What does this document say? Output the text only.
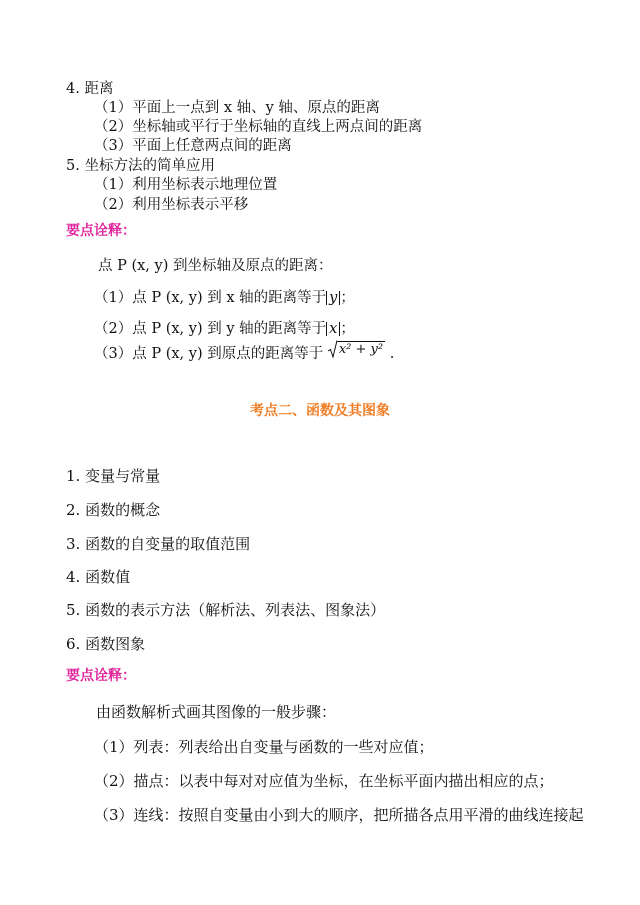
4. 距离
（1）平面上一点到 x 轴、y 轴、原点的距离
（2）坐标轴或平行于坐标轴的直线上两点间的距离
（3）平面上任意两点间的距离
5. 坐标方法的简单应用
（1）利用坐标表示地理位置
（2）利用坐标表示平移
要点诠释：
点 P (x, y) 到坐标轴及原点的距离：
（1）点 P (x, y) 到 x 轴的距离等于 y ；
（2）点 P (x, y) 到 y 轴的距离等于 x ；
（3）点 P (x, y) 到原点的距离等于 x² + y² .
考点二、函数及其图象
1. 变量与常量
2. 函数的概念
3. 函数的自变量的取值范围
4. 函数值
5. 函数的表示方法（解析法、列表法、图象法）
6. 函数图象
要点诠释：
由函数解析式画其图像的一般步骤：
（1）列表：列表给出自变量与函数的一些对应值；
（2）描点：以表中每对对应值为坐标，在坐标平面内描出相应的点；
（3）连线：按照自变量由小到大的顺序，把所描各点用平滑的曲线连接起
